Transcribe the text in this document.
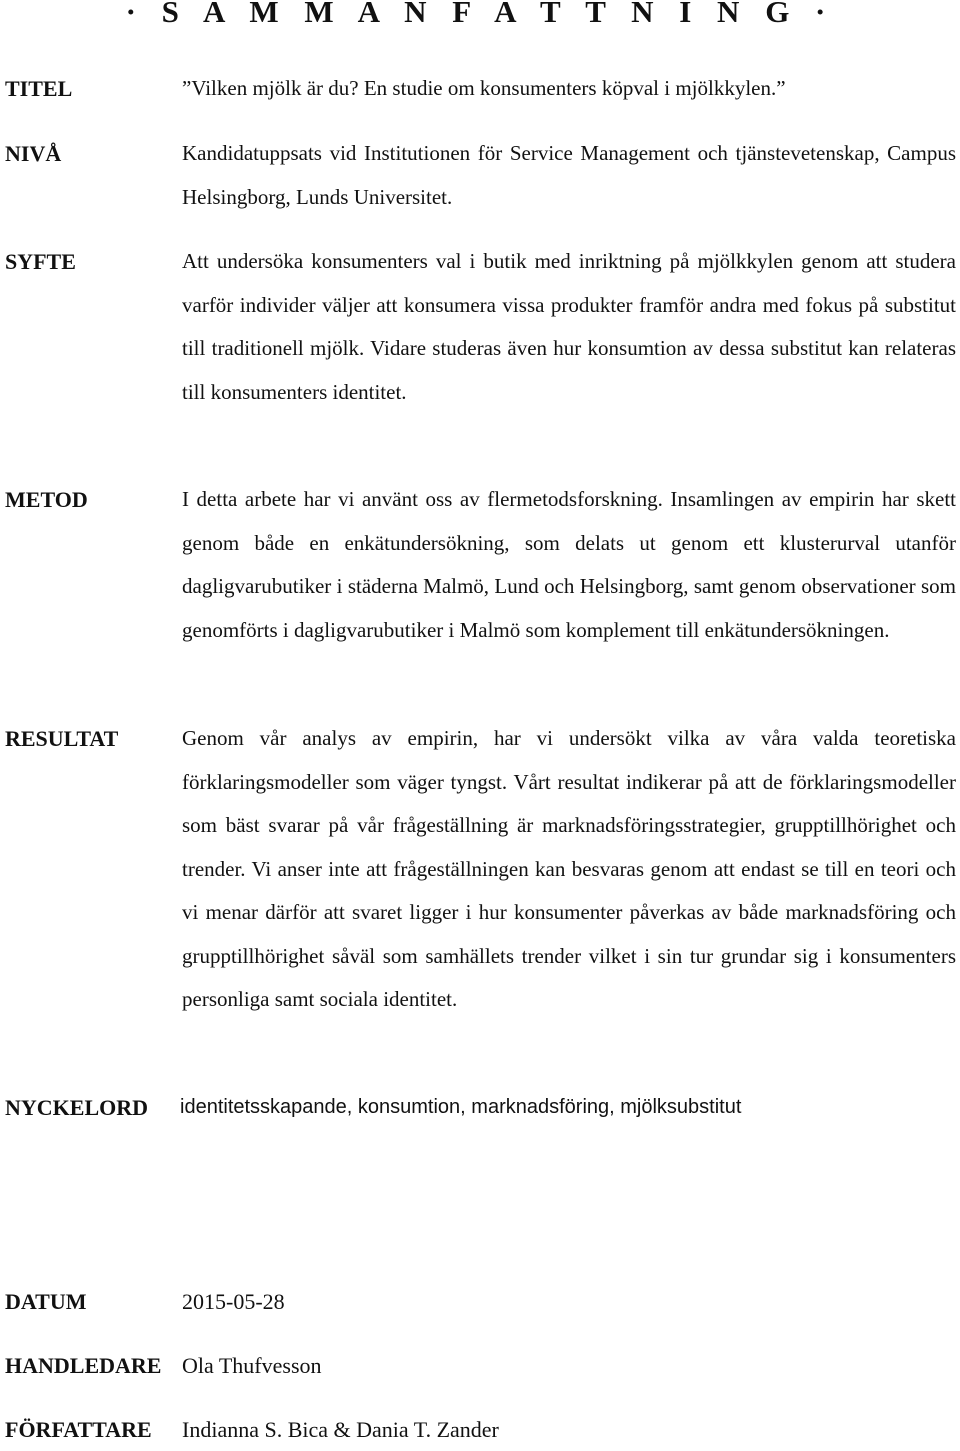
· S A M M A N F A T T N I N G ·
TITEL	”Vilken mjölk är du? En studie om konsumenters köpval i mjölkkylen.”
NIVÅ	Kandidatuppsats vid Institutionen för Service Management och tjänstevetenskap, Campus Helsingborg, Lunds Universitet.
SYFTE	Att undersöka konsumenters val i butik med inriktning på mjölkkylen genom att studera varför individer väljer att konsumera vissa produkter framför andra med fokus på substitut till traditionell mjölk. Vidare studeras även hur konsumtion av dessa substitut kan relateras till konsumenters identitet.
METOD	I detta arbete har vi använt oss av flermetodsforskning. Insamlingen av empirin har skett genom både en enkätundersökning, som delats ut genom ett klusterurval utanför dagligvarubutiker i städerna Malmö, Lund och Helsingborg, samt genom observationer som genomförts i dagligvarubutiker i Malmö som komplement till enkätundersökningen.
RESULTAT	Genom vår analys av empirin, har vi undersökt vilka av våra valda teoretiska förklaringsmodeller som väger tyngst. Vårt resultat indikerar på att de förklaringsmodeller som bäst svarar på vår frågeställning är marknadsföringsstrategier, grupptillhörighet och trender. Vi anser inte att frågeställningen kan besvaras genom att endast se till en teori och vi menar därför att svaret ligger i hur konsumenter påverkas av både marknadsföring och grupptillhörighet såväl som samhällets trender vilket i sin tur grundar sig i konsumenters personliga samt sociala identitet.
NYCKELORD identitetsskapande, konsumtion, marknadsföring, mjölksubstitut
DATUM	2015-05-28
HANDLEDARE Ola Thufvesson
FÖRFATTARE Indianna S. Bica & Dania T. Zander
